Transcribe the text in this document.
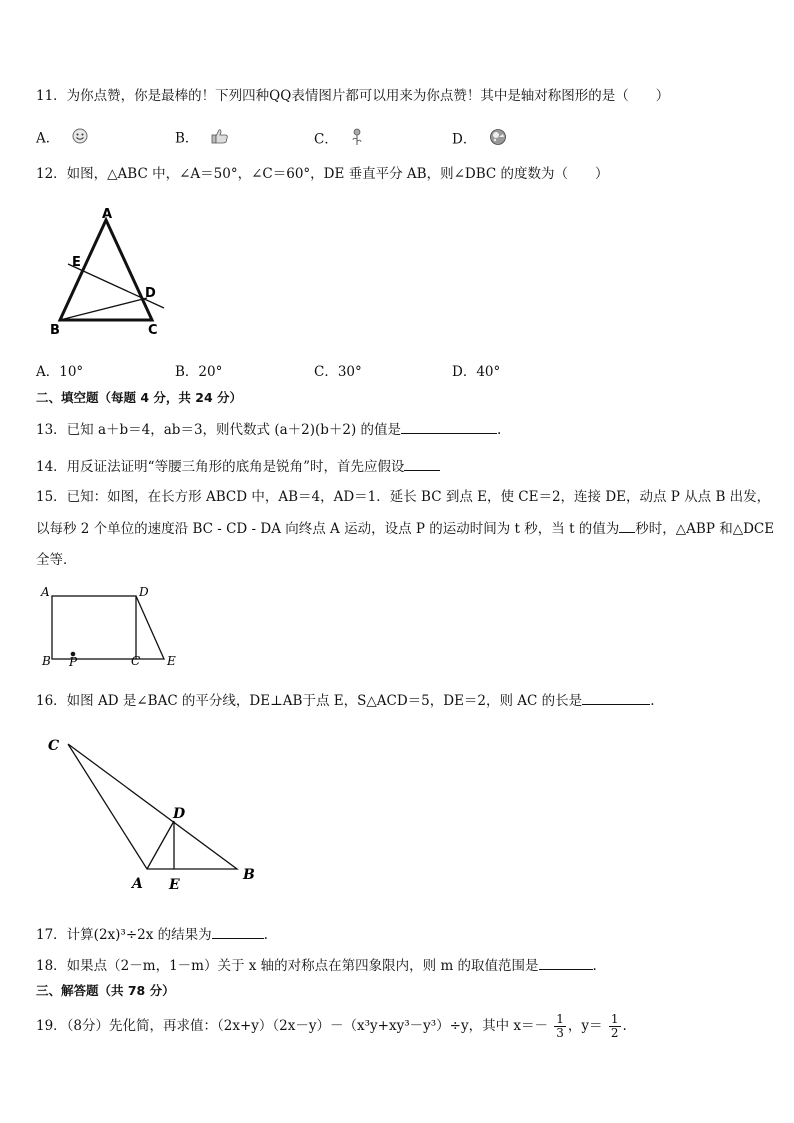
11．为你点赞，你是最棒的！下列四种QQ表情图片都可以用来为你点赞！其中是轴对称图形的是（　　）
A．	B．	C．	D．
12．如图，△ABC 中，∠A＝50°，∠C＝60°，DE 垂直平分 AB，则∠DBC 的度数为（　　）
A
E
D
B	C
A．10°	B．20°	C．30°	D．40°
二、填空题（每题 4 分，共 24 分）
13．已知 a＋b＝4，ab＝3，则代数式 (a＋2)(b＋2) 的值是	.
14．用反证法证明“等腰三角形的底角是锐角”时，首先应假设
15．已知：如图，在长方形 ABCD 中，AB＝4，AD＝1．延长 BC 到点 E，使 CE＝2，连接 DE，动点 P 从点 B 出发，
以每秒 2 个单位的速度沿 BC - CD - DA 向终点 A 运动，设点 P 的运动时间为 t 秒，当 t 的值为 秒时，△ABP 和△DCE
全等．
A	D
B P	C E
16．如图 AD 是∠BAC 的平分线，DE⊥AB于点 E，S△ACD＝5，DE＝2，则 AC 的长是	.
C
D
A E
B
17．计算(2x)³÷2x 的结果为	.
18．如果点（2－m，1－m）关于 x 轴的对称点在第四象限内，则 m 的取值范围是	.
三、解答题（共 78 分）
19．（8分）先化简，再求值：（2x+y）（2x－y）－（x³y+xy³－y³）÷y，其中 $x=- \frac{1}{3}$ ，$y= \frac{1}{2}$ .
